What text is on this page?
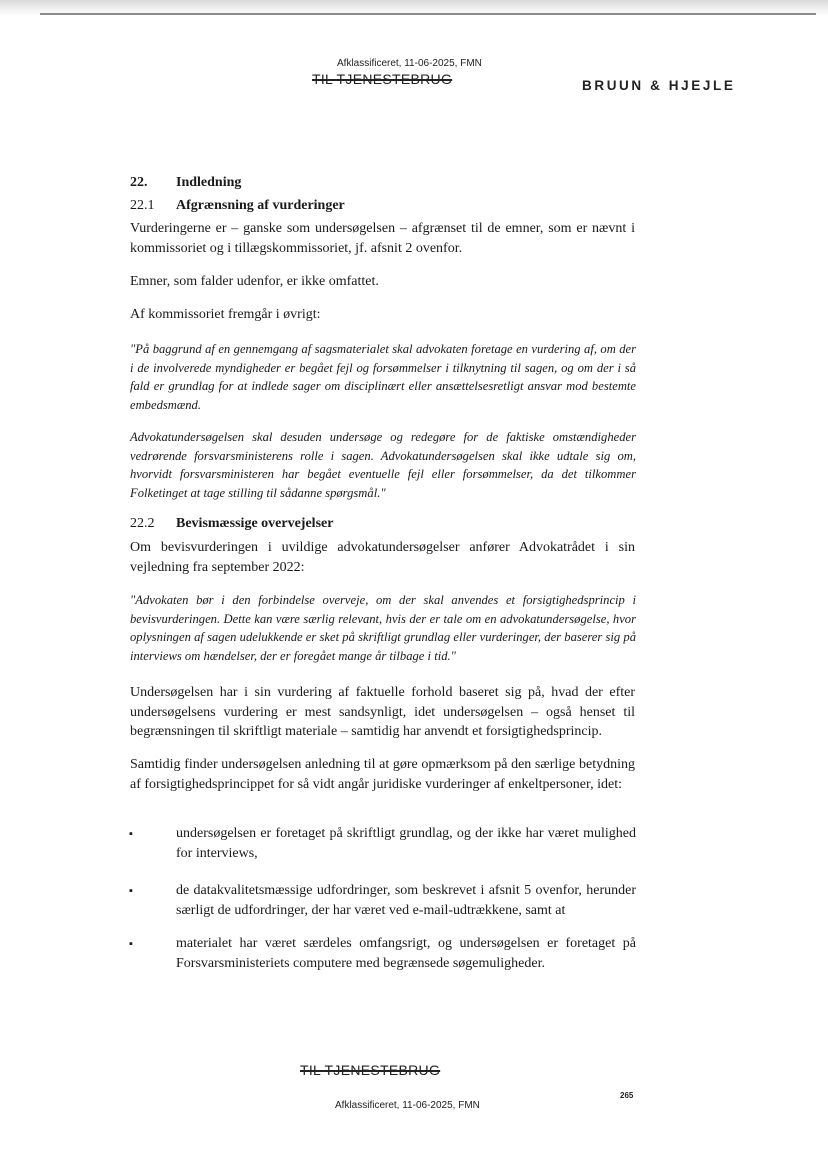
Afklassificeret, 11-06-2025, FMN
TIL TJENESTEBRUG	BRUUN & HJEJLE
22. Indledning
22.1 Afgrænsning af vurderinger
Vurderingerne er – ganske som undersøgelsen – afgrænset til de emner, som er nævnt i kommissoriet og i tillægskommissoriet, jf. afsnit 2 ovenfor.
Emner, som falder udenfor, er ikke omfattet.
Af kommissoriet fremgår i øvrigt:
"På baggrund af en gennemgang af sagsmaterialet skal advokaten foretage en vurdering af, om der i de involverede myndigheder er begået fejl og forsømmelser i tilknytning til sagen, og om der i så fald er grundlag for at indlede sager om disciplinært eller ansættelsesretligt ansvar mod bestemte embedsmænd.
Advokatundersøgelsen skal desuden undersøge og redegøre for de faktiske omstændigheder vedrørende forsvarsministerens rolle i sagen. Advokatundersøgelsen skal ikke udtale sig om, hvorvidt forsvarsministeren har begået eventuelle fejl eller forsømmelser, da det tilkommer Folketinget at tage stilling til sådanne spørgsmål."
22.2 Bevismæssige overvejelser
Om bevisvurderingen i uvildige advokatundersøgelser anfører Advokatrådet i sin vejledning fra september 2022:
"Advokaten bør i den forbindelse overveje, om der skal anvendes et forsigtighedsprincip i bevisvurderingen. Dette kan være særlig relevant, hvis der er tale om en advokatundersøgelse, hvor oplysningen af sagen udelukkende er sket på skriftligt grundlag eller vurderinger, der baserer sig på interviews om hændelser, der er foregået mange år tilbage i tid."
Undersøgelsen har i sin vurdering af faktuelle forhold baseret sig på, hvad der efter undersøgelsens vurdering er mest sandsynligt, idet undersøgelsen – også henset til begrænsningen til skriftligt materiale – samtidig har anvendt et forsigtighedsprincip.
Samtidig finder undersøgelsen anledning til at gøre opmærksom på den særlige betydning af forsigtighedsprincippet for så vidt angår juridiske vurderinger af enkeltpersoner, idet:
▪	undersøgelsen er foretaget på skriftligt grundlag, og der ikke har været mulighed for interviews,
▪	de datakvalitetsmæssige udfordringer, som beskrevet i afsnit 5 ovenfor, herunder særligt de udfordringer, der har været ved e-mail-udtrækkene, samt at
▪	materialet har været særdeles omfangsrigt, og undersøgelsen er foretaget på Forsvarsministeriets computere med begrænsede søgemuligheder.
TIL TJENESTEBRUG
Afklassificeret, 11-06-2025, FMN
265
